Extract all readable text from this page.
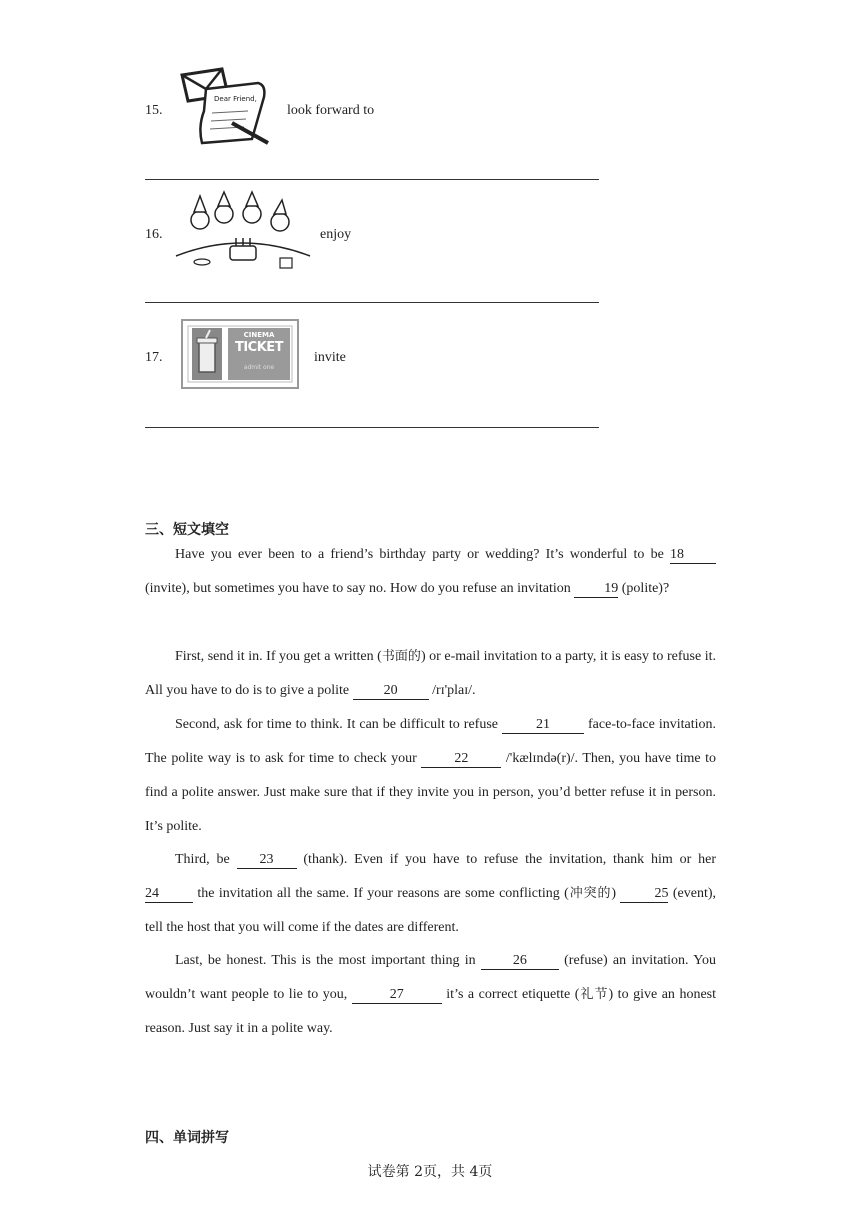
15.
Dear Friend,
look forward to
16.	enjoy
17.
CINEMA
TICKET
admit one
invite
三、短文填空
Have you ever been to a friend’s birthday party or wedding? It’s wonderful to be 18 (invite), but sometimes you have to say no. How do you refuse an invitation 19 (polite)?
First, send it in. If you get a written (书面的) or e-mail invitation to a party, it is easy to refuse it. All you have to do is to give a polite 20 /rɪ'plaɪ/.
Second, ask for time to think. It can be difficult to refuse	21	face-to-face invitation. The polite way is to ask for time to check your	22	/'kælɪndə(r)/. Then, you have time to find a polite answer. Just make sure that if they invite you in person, you’d better refuse it in person. It’s polite.
Third, be 23 (thank). Even if you have to refuse the invitation, thank him or her 24	the invitation all the same. If your reasons are some conflicting (冲突的)	25 (event), tell the host that you will come if the dates are different.
Last, be honest. This is the most important thing in	26	(refuse) an invitation. You wouldn’t want people to lie to you,	27	it’s a correct etiquette (礼节) to give an honest reason. Just say it in a polite way.
四、单词拼写
试卷第 2页，共 4页
